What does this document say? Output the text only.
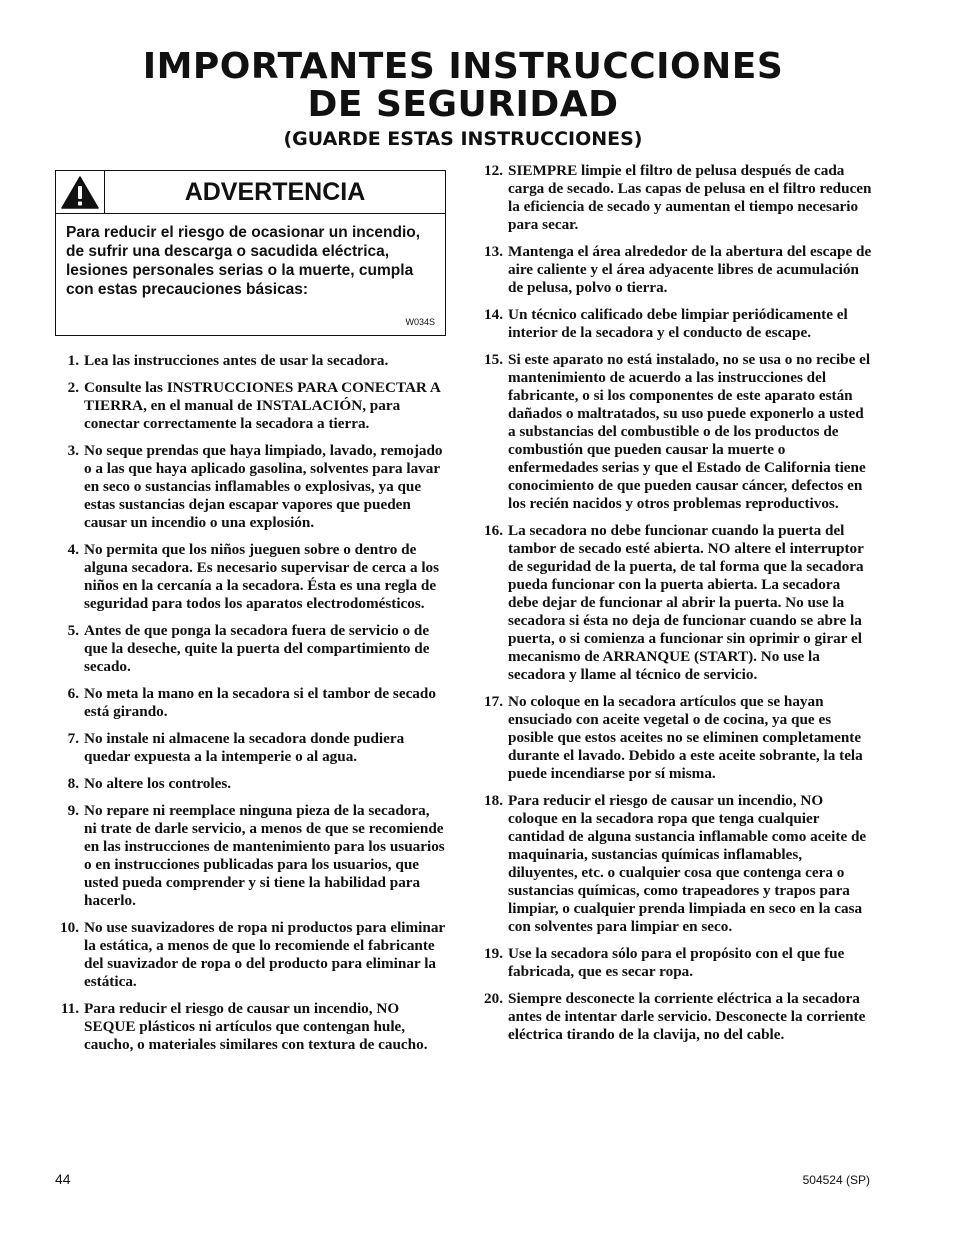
IMPORTANTES INSTRUCCIONES
DE SEGURIDAD
(GUARDE ESTAS INSTRUCCIONES)
ADVERTENCIA
Para reducir el riesgo de ocasionar un incendio, de sufrir una descarga o sacudida eléctrica, lesiones personales serias o la muerte, cumpla con estas precauciones básicas:
W034S
1. Lea las instrucciones antes de usar la secadora.
2. Consulte las INSTRUCCIONES PARA CONECTAR A TIERRA, en el manual de INSTALACIÓN, para conectar correctamente la secadora a tierra.
3. No seque prendas que haya limpiado, lavado, remojado o a las que haya aplicado gasolina, solventes para lavar en seco o sustancias inflamables o explosivas, ya que estas sustancias dejan escapar vapores que pueden causar un incendio o una explosión.
4. No permita que los niños jueguen sobre o dentro de alguna secadora. Es necesario supervisar de cerca a los niños en la cercanía a la secadora. Ésta es una regla de seguridad para todos los aparatos electrodomésticos.
5. Antes de que ponga la secadora fuera de servicio o de que la deseche, quite la puerta del compartimiento de secado.
6. No meta la mano en la secadora si el tambor de secado está girando.
7. No instale ni almacene la secadora donde pudiera quedar expuesta a la intemperie o al agua.
8. No altere los controles.
9. No repare ni reemplace ninguna pieza de la secadora, ni trate de darle servicio, a menos de que se recomiende en las instrucciones de mantenimiento para los usuarios o en instrucciones publicadas para los usuarios, que usted pueda comprender y si tiene la habilidad para hacerlo.
10. No use suavizadores de ropa ni productos para eliminar la estática, a menos de que lo recomiende el fabricante del suavizador de ropa o del producto para eliminar la estática.
11. Para reducir el riesgo de causar un incendio, NO SEQUE plásticos ni artículos que contengan hule, caucho, o materiales similares con textura de caucho.
12. SIEMPRE limpie el filtro de pelusa después de cada carga de secado. Las capas de pelusa en el filtro reducen la eficiencia de secado y aumentan el tiempo necesario para secar.
13. Mantenga el área alrededor de la abertura del escape de aire caliente y el área adyacente libres de acumulación de pelusa, polvo o tierra.
14. Un técnico calificado debe limpiar periódicamente el interior de la secadora y el conducto de escape.
15. Si este aparato no está instalado, no se usa o no recibe el mantenimiento de acuerdo a las instrucciones del fabricante, o si los componentes de este aparato están dañados o maltratados, su uso puede exponerlo a usted a substancias del combustible o de los productos de combustión que pueden causar la muerte o enfermedades serias y que el Estado de California tiene conocimiento de que pueden causar cáncer, defectos en los recién nacidos y otros problemas reproductivos.
16. La secadora no debe funcionar cuando la puerta del tambor de secado esté abierta. NO altere el interruptor de seguridad de la puerta, de tal forma que la secadora pueda funcionar con la puerta abierta. La secadora debe dejar de funcionar al abrir la puerta. No use la secadora si ésta no deja de funcionar cuando se abre la puerta, o si comienza a funcionar sin oprimir o girar el mecanismo de ARRANQUE (START). No use la secadora y llame al técnico de servicio.
17. No coloque en la secadora artículos que se hayan ensuciado con aceite vegetal o de cocina, ya que es posible que estos aceites no se eliminen completamente durante el lavado. Debido a este aceite sobrante, la tela puede incendiarse por sí misma.
18. Para reducir el riesgo de causar un incendio, NO coloque en la secadora ropa que tenga cualquier cantidad de alguna sustancia inflamable como aceite de maquinaria, sustancias químicas inflamables, diluyentes, etc. o cualquier cosa que contenga cera o sustancias químicas, como trapeadores y trapos para limpiar, o cualquier prenda limpiada en seco en la casa con solventes para limpiar en seco.
19. Use la secadora sólo para el propósito con el que fue fabricada, que es secar ropa.
20. Siempre desconecte la corriente eléctrica a la secadora antes de intentar darle servicio. Desconecte la corriente eléctrica tirando de la clavija, no del cable.
44	504524 (SP)
